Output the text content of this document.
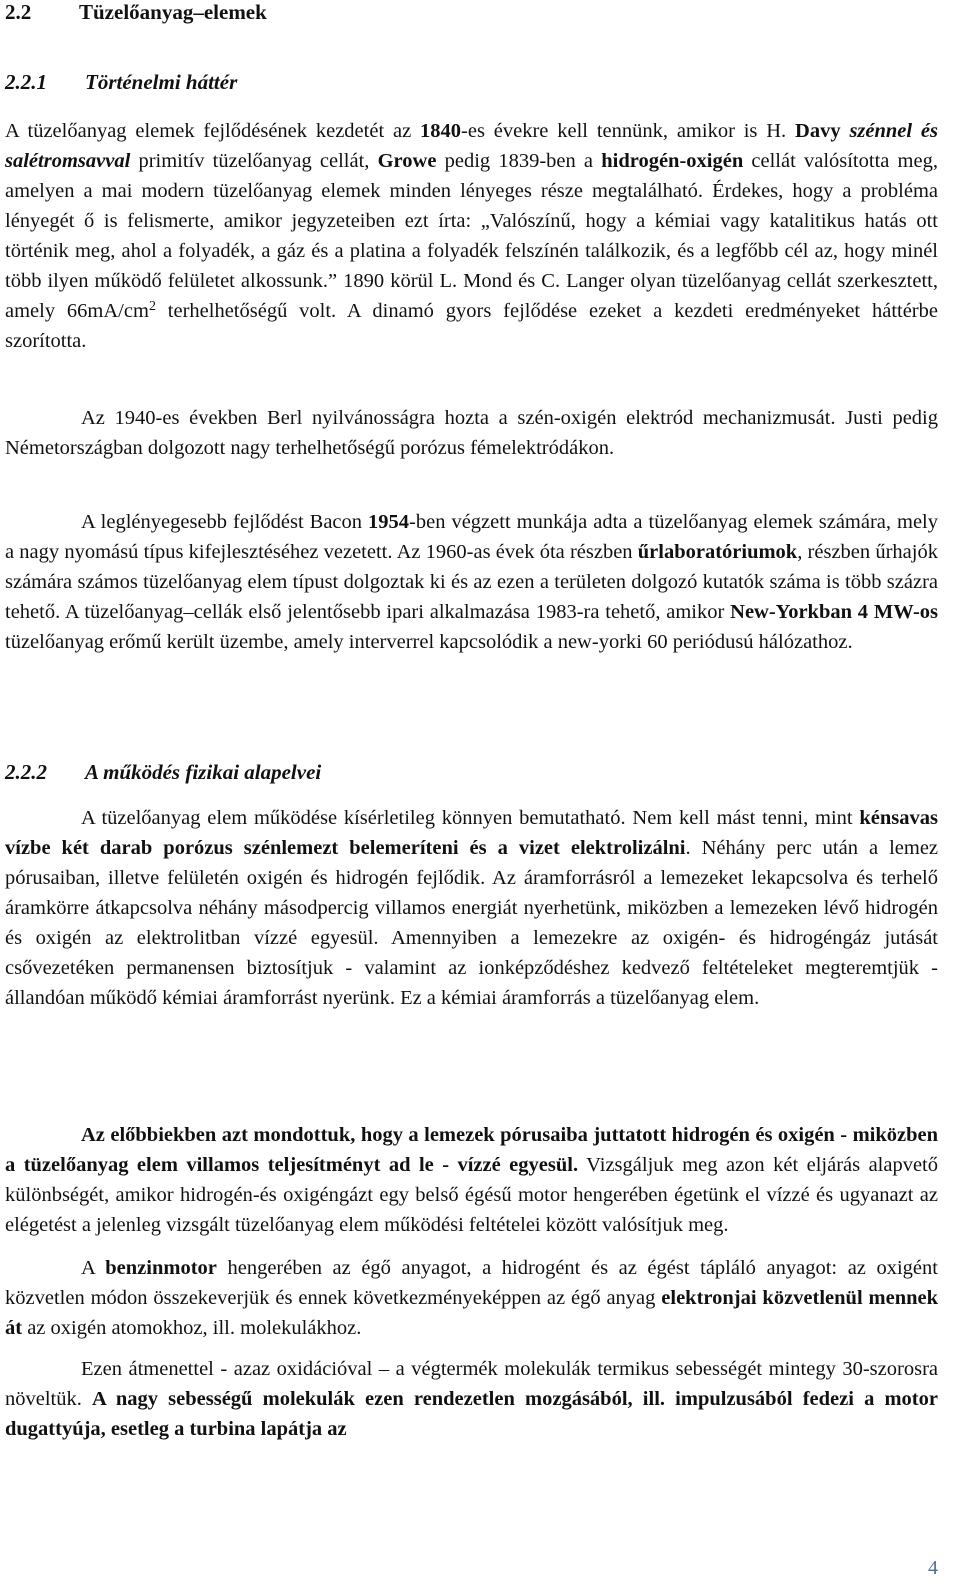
2.2 Tüzelőanyag–elemek
2.2.1 Történelmi háttér

A tüzelőanyag elemek fejlődésének kezdetét az 1840-es évekre kell tennünk, amikor is H. Davy szénnel és salétromsavval primitív tüzelőanyag cellát, Growe pedig 1839-ben a hidrogén-oxigén cellát valósította meg, amelyen a mai modern tüzelőanyag elemek minden lényeges része megtalálható. Érdekes, hogy a probléma lényegét ő is felismerte, amikor jegyzeteiben ezt írta: „Valószínű, hogy a kémiai vagy katalitikus hatás ott történik meg, ahol a folyadék, a gáz és a platina a folyadék felszínén találkozik, és a legfőbb cél az, hogy minél több ilyen működő felületet alkossunk.” 1890 körül L. Mond és C. Langer olyan tüzelőanyag cellát szerkesztett, amely $66mA/cm^2$ terhelhetőségű volt. A dinamó gyors fejlődése ezeket a kezdeti eredményeket háttérbe szorította.

Az 1940-es években Berl nyilvánosságra hozta a szén-oxigén elektród mechanizmusát. Justi pedig Németországban dolgozott nagy terhelhetőségű porózus fémelektródákon.

A leglényegesebb fejlődést Bacon 1954-ben végzett munkája adta a tüzelőanyag elemek számára, mely a nagy nyomású típus kifejlesztéséhez vezetett. Az 1960-as évek óta részben űrlaboratóriumok, részben űrhajók számára számos tüzelőanyag elem típust dolgoztak ki és az ezen a területen dolgozó kutatók száma is több százra tehető. A tüzelőanyag–cellák első jelentősebb ipari alkalmazása 1983-ra tehető, amikor New-Yorkban 4 MW-os tüzelőanyag erőmű került üzembe, amely interverrel kapcsolódik a new-yorki 60 periódusú hálózathoz.

2.2.2 A működés fizikai alapelvei

A tüzelőanyag elem működése kísérletileg könnyen bemutatható. Nem kell mást tenni, mint kénsavas vízbe két darab porózus szénlemezt belemeríteni és a vizet elektrolizálni. Néhány perc után a lemez pórusaiban, illetve felületén oxigén és hidrogén fejlődik. Az áramforrásról a lemezeket lekapcsolva és terhelő áramkörre átkapcsolva néhány másodpercig villamos energiát nyerhetünk, miközben a lemezeken lévő hidrogén és oxigén az elektrolitban vízzé egyesül. Amennyiben a lemezekre az oxigén- és hidrogéngáz jutását csővezetéken permanensen biztosítjuk - valamint az ionképződéshez kedvező feltételeket megteremtjük - állandóan működő kémiai áramforrást nyerünk. Ez a kémiai áramforrás a tüzelőanyag elem.

Az előbbiekben azt mondottuk, hogy a lemezek pórusaiba juttatott hidrogén és oxigén - miközben a tüzelőanyag elem villamos teljesítményt ad le - vízzé egyesül. Vizsgáljuk meg azon két eljárás alapvető különbségét, amikor hidrogén-és oxigéngázt egy belső égésű motor hengerében égetünk el vízzé és ugyanazt az elégetést a jelenleg vizsgált tüzelőanyag elem működési feltételei között valósítjuk meg.

A benzinmotor hengerében az égő anyagot, a hidrogént és az égést tápláló anyagot: az oxigént közvetlen módon összekeverjük és ennek következményeképpen az égő anyag elektronjai közvetlenül mennek át az oxigén atomokhoz, ill. molekulákhoz.

Ezen átmenettel - azaz oxidációval – a végtermék molekulák termikus sebességét mintegy 30-szorosra növeltük. A nagy sebességű molekulák ezen rendezetlen mozgásából, ill. impulzusából fedezi a motor dugattyúja, esetleg a turbina lapátja az

4
